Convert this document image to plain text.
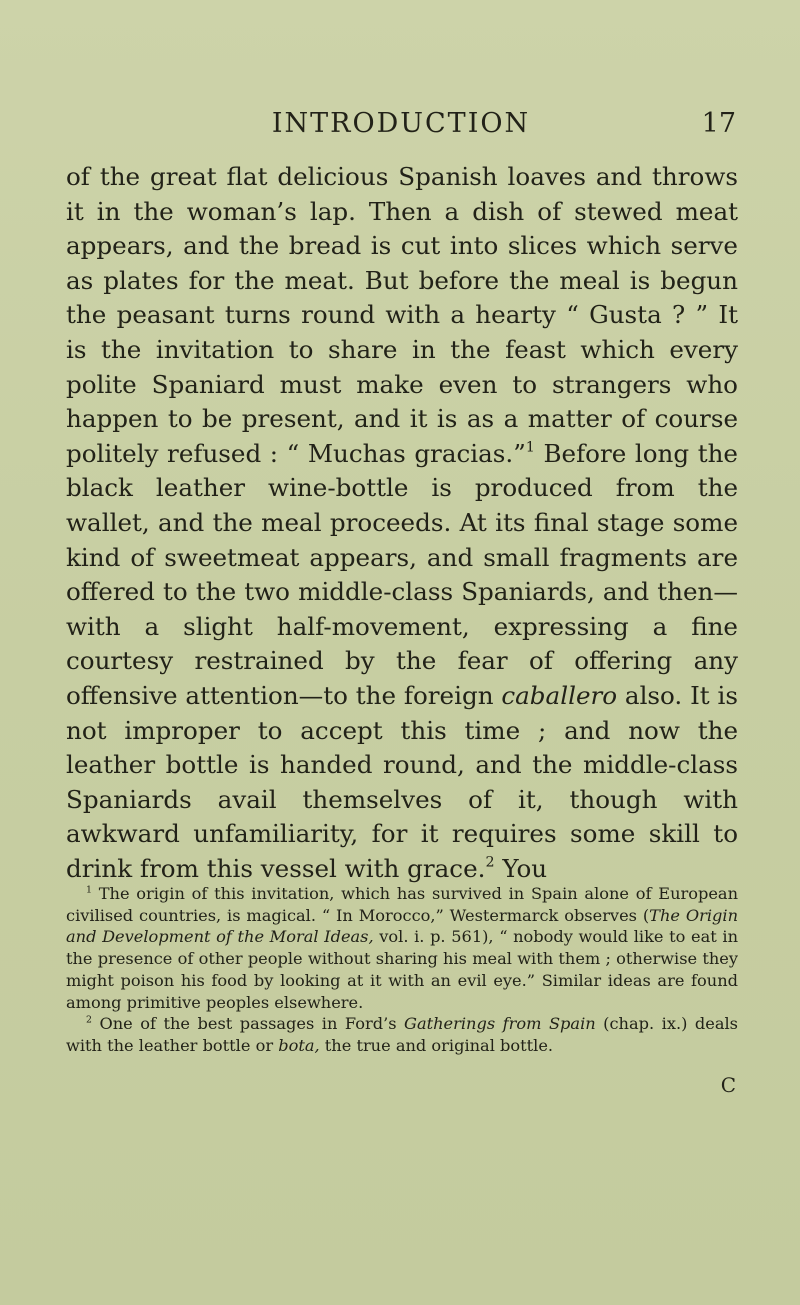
INTRODUCTION	17
of the great flat delicious Spanish loaves and throws it in the woman’s lap. Then a dish of stewed meat appears, and the bread is cut into slices which serve as plates for the meat. But before the meal is begun the peasant turns round with a hearty “ Gusta ? ” It is the invitation to share in the feast which every polite Spaniard must make even to strangers who happen to be present, and it is as a matter of course politely refused : “ Muchas gracias.”$^1$ Before long the black leather wine-bottle is produced from the wallet, and the meal proceeds. At its final stage some kind of sweetmeat appears, and small fragments are offered to the two middle-class Spaniards, and then—with a slight half-movement, expressing a fine courtesy restrained by the fear of offering any offensive attention—to the foreign caballero also. It is not improper to accept this time ; and now the leather bottle is handed round, and the middle-class Spaniards avail themselves of it, though with awkward unfamiliarity, for it requires some skill to drink from this vessel with grace.$^2$ You

$^1$ The origin of this invitation, which has survived in Spain alone of European civilised countries, is magical. “ In Morocco,” Westermarck observes (The Origin and Development of the Moral Ideas, vol. i. p. 561), “ nobody would like to eat in the presence of other people without sharing his meal with them ; otherwise they might poison his food by looking at it with an evil eye.” Similar ideas are found among primitive peoples elsewhere.

$^2$ One of the best passages in Ford’s Gatherings from Spain (chap. ix.) deals with the leather bottle or bota, the true and original bottle.

C
